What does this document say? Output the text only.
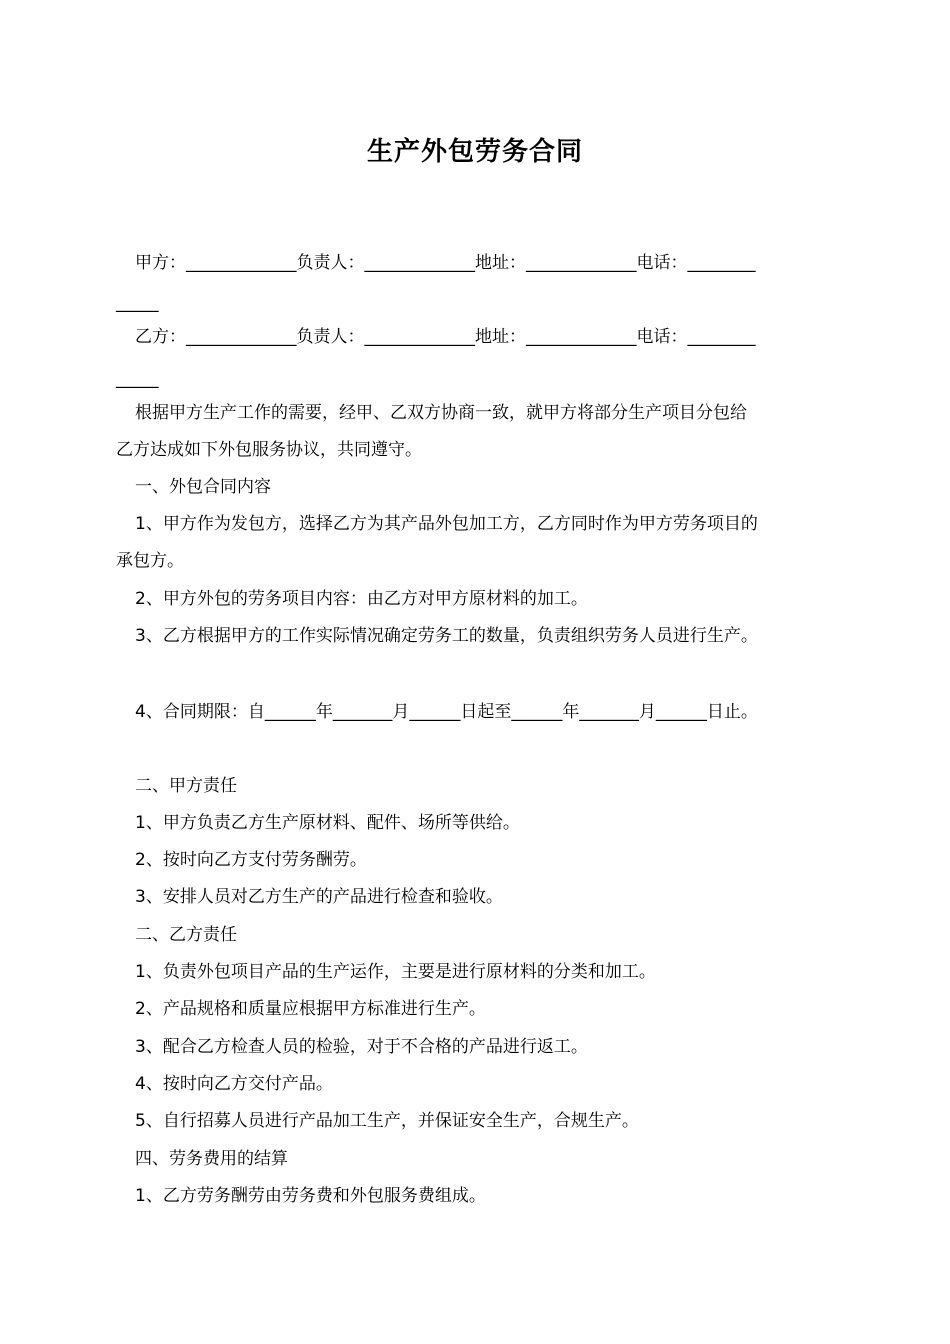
生产外包劳务合同
甲方：_____________负责人：_____________地址：_____________电话：________
_____
乙方：_____________负责人：_____________地址：_____________电话：________
_____
根据甲方生产工作的需要，经甲、乙双方协商一致，就甲方将部分生产项目分包给
乙方达成如下外包服务协议，共同遵守。
一、外包合同内容
1、甲方作为发包方，选择乙方为其产品外包加工方，乙方同时作为甲方劳务项目的
承包方。
2、甲方外包的劳务项目内容：由乙方对甲方原材料的加工。
3、乙方根据甲方的工作实际情况确定劳务工的数量，负责组织劳务人员进行生产。
4、合同期限：自______年_______月______日起至______年_______月______日止。
二、甲方责任
1、甲方负责乙方生产原材料、配件、场所等供给。
2、按时向乙方支付劳务酬劳。
3、安排人员对乙方生产的产品进行检查和验收。
二、乙方责任
1、负责外包项目产品的生产运作，主要是进行原材料的分类和加工。
2、产品规格和质量应根据甲方标准进行生产。
3、配合乙方检查人员的检验，对于不合格的产品进行返工。
4、按时向乙方交付产品。
5、自行招募人员进行产品加工生产，并保证安全生产，合规生产。
四、劳务费用的结算
1、乙方劳务酬劳由劳务费和外包服务费组成。
